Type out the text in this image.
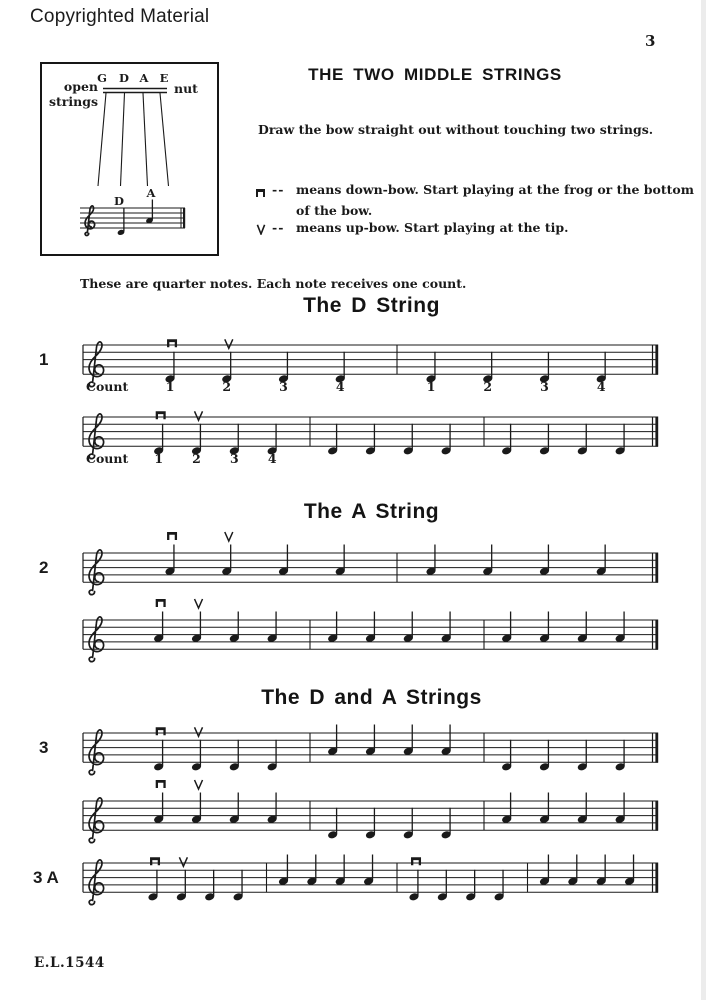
Copyrighted Material
3
G D A E
open
strings
nut
THE TWO MIDDLE STRINGS
Draw the bow straight out without touching two strings.
-- means down-bow. Start playing at the frog or the bottom
of the bow.
-- means up-bow. Start playing at the tip.
These are quarter notes. Each note receives one count.
The D String
The A String
The D and A Strings
1
Count	1	2	3	4	1	2	3	4
Count 1 2 3 4
2
3
3 A
D
A
E.L.1544
